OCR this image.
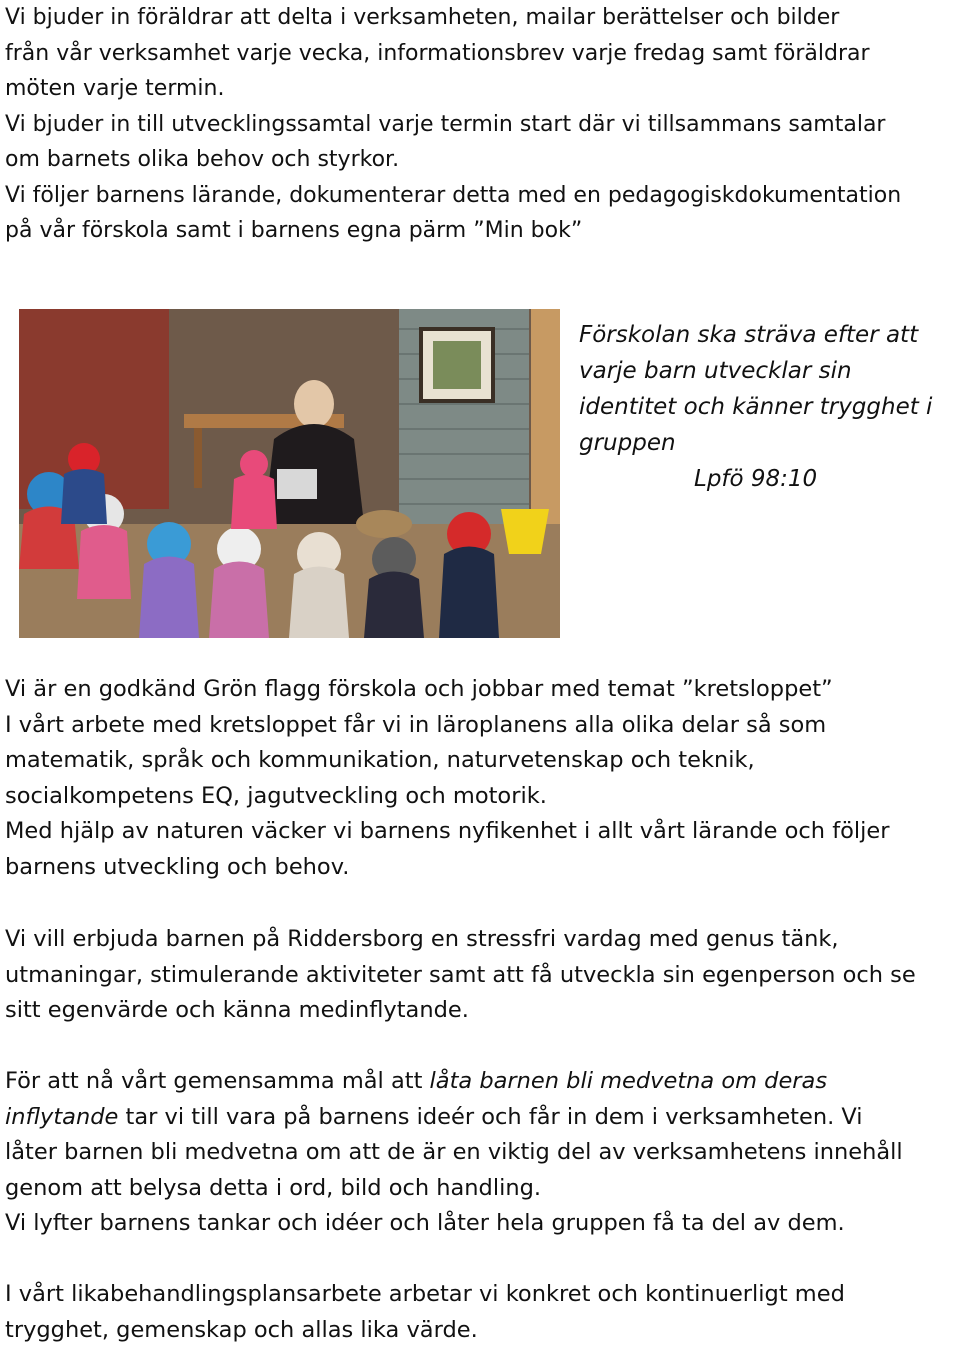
Vi bjuder in föräldrar att delta i verksamheten, mailar berättelser och bilder
från vår verksamhet varje vecka, informationsbrev varje fredag samt föräldrar
möten varje termin.
Vi bjuder in till utvecklingssamtal varje termin start där vi tillsammans samtalar
om barnets olika behov och styrkor.
Vi följer barnens lärande, dokumenterar detta med en pedagogiskdokumentation
på vår förskola samt i barnens egna pärm ”Min bok”
Förskolan ska sträva efter att
varje barn utvecklar sin
identitet och känner trygghet i
gruppen
Lpfö 98:10
Vi är en godkänd Grön flagg förskola och jobbar med temat ”kretsloppet”
I vårt arbete med kretsloppet får vi in läroplanens alla olika delar så som
matematik, språk och kommunikation, naturvetenskap och teknik,
socialkompetens EQ, jagutveckling och motorik.
Med hjälp av naturen väcker vi barnens nyfikenhet i allt vårt lärande och följer
barnens utveckling och behov.
Vi vill erbjuda barnen på Riddersborg en stressfri vardag med genus tänk,
utmaningar, stimulerande aktiviteter samt att få utveckla sin egenperson och se
sitt egenvärde och känna medinflytande.
För att nå vårt gemensamma mål att låta barnen bli medvetna om deras
inflytande tar vi till vara på barnens ideér och får in dem i verksamheten. Vi
låter barnen bli medvetna om att de är en viktig del av verksamhetens innehåll
genom att belysa detta i ord, bild och handling.
Vi lyfter barnens tankar och idéer och låter hela gruppen få ta del av dem.
I vårt likabehandlingsplansarbete arbetar vi konkret och kontinuerligt med
trygghet, gemenskap och allas lika värde.
